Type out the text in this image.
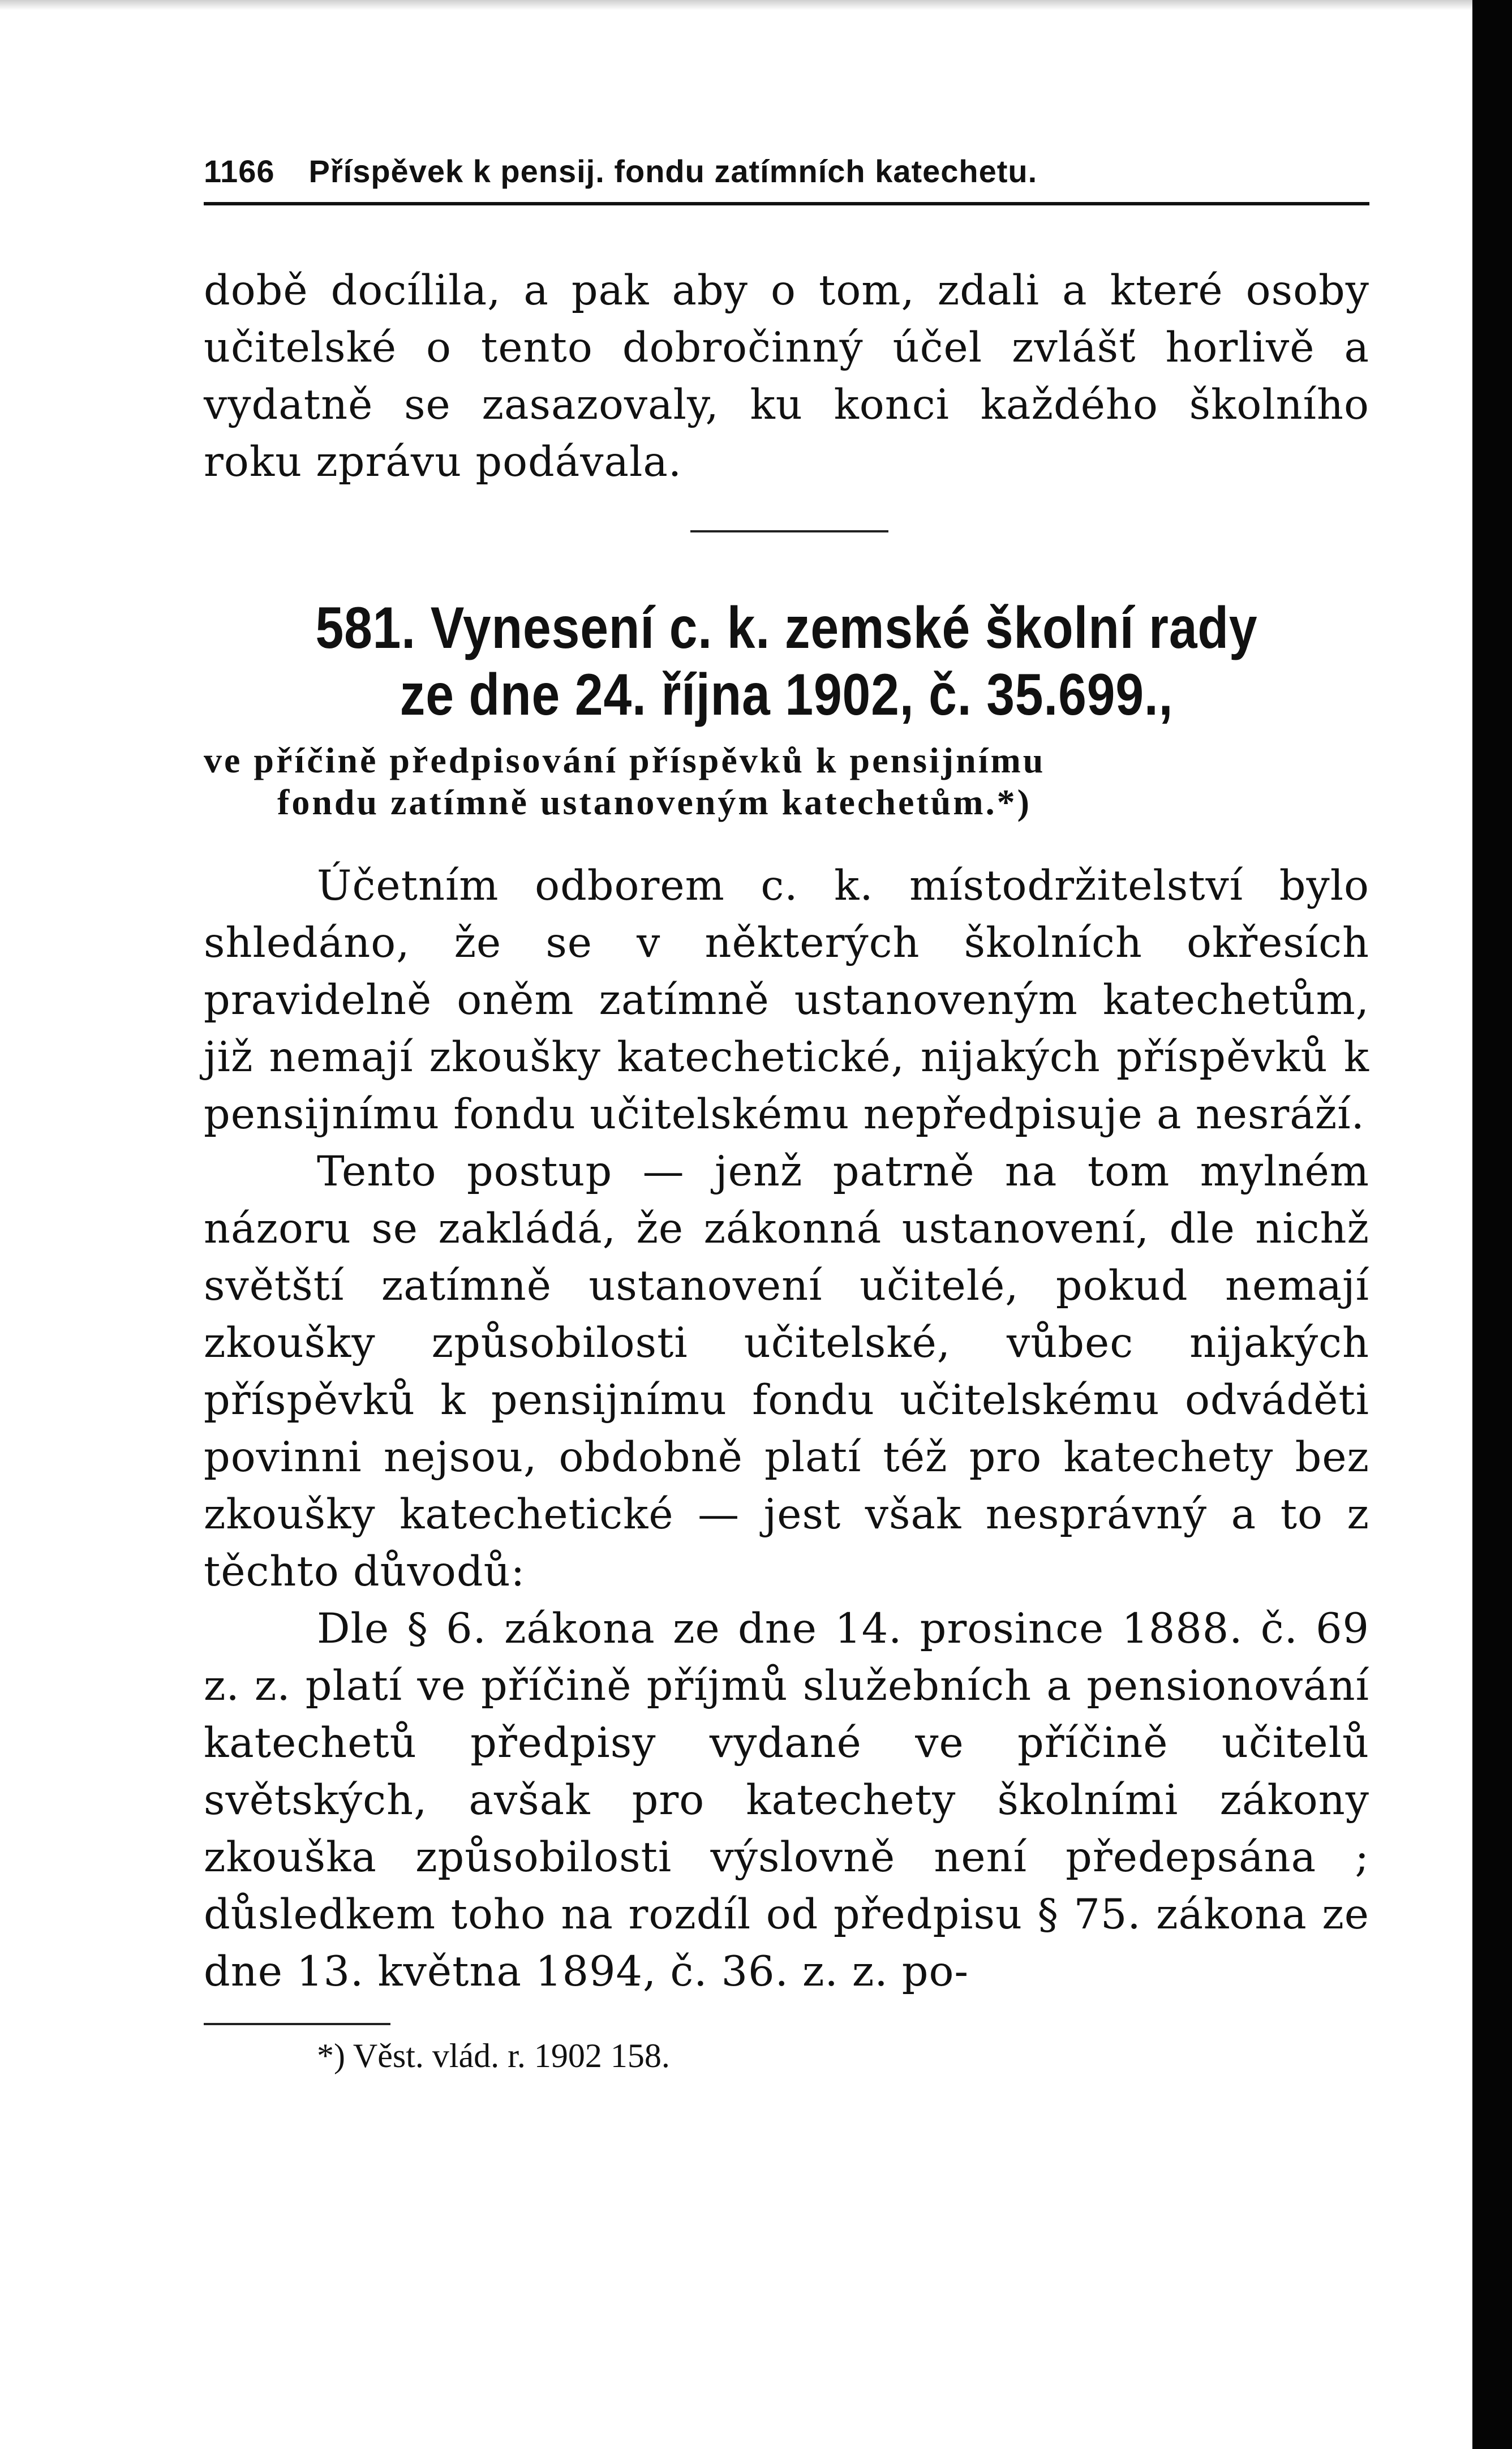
1166 Příspěvek k pensij. fondu zatímních katechetu.

době docílila, a pak aby o tom, zdali a které osoby učitelské o tento dobročinný účel zvlášť horlivě a vydatně se zasazovaly, ku konci každého školního roku zprávu podávala.

581. Vynesení c. k. zemské školní rady
ze dne 24. října 1902, č. 35.699.,
ve příčině předpisování příspěvků k pensijnímu
fondu zatímně ustanoveným katechetům.*)

Účetním odborem c. k. místodržitelství bylo shledáno, že se v některých školních okřesích pravidelně oněm zatímně ustanoveným katechetům, již nemají zkoušky katechetické, nijakých příspěvků k pensijnímu fondu učitelskému nepředpisuje a nesráží.

Tento postup — jenž patrně na tom mylném názoru se zakládá, že zákonná ustanovení, dle nichž světští zatímně ustanovení učitelé, pokud nemají zkoušky způsobilosti učitelské, vůbec nijakých příspěvků k pensijnímu fondu učitelskému odváděti povinni nejsou, obdobně platí též pro katechety bez zkoušky katechetické — jest však nesprávný a to z těchto důvodů:

Dle § 6. zákona ze dne 14. prosince 1888. č. 69 z. z. platí ve příčině příjmů služebních a pensionování katechetů předpisy vydané ve příčině učitelů světských, avšak pro katechety školními zákony zkouška způsobilosti výslovně není předepsána ; důsledkem toho na rozdíl od předpisu § 75. zákona ze dne 13. května 1894, č. 36. z. z. po-

*) Věst. vlád. r. 1902 158.
